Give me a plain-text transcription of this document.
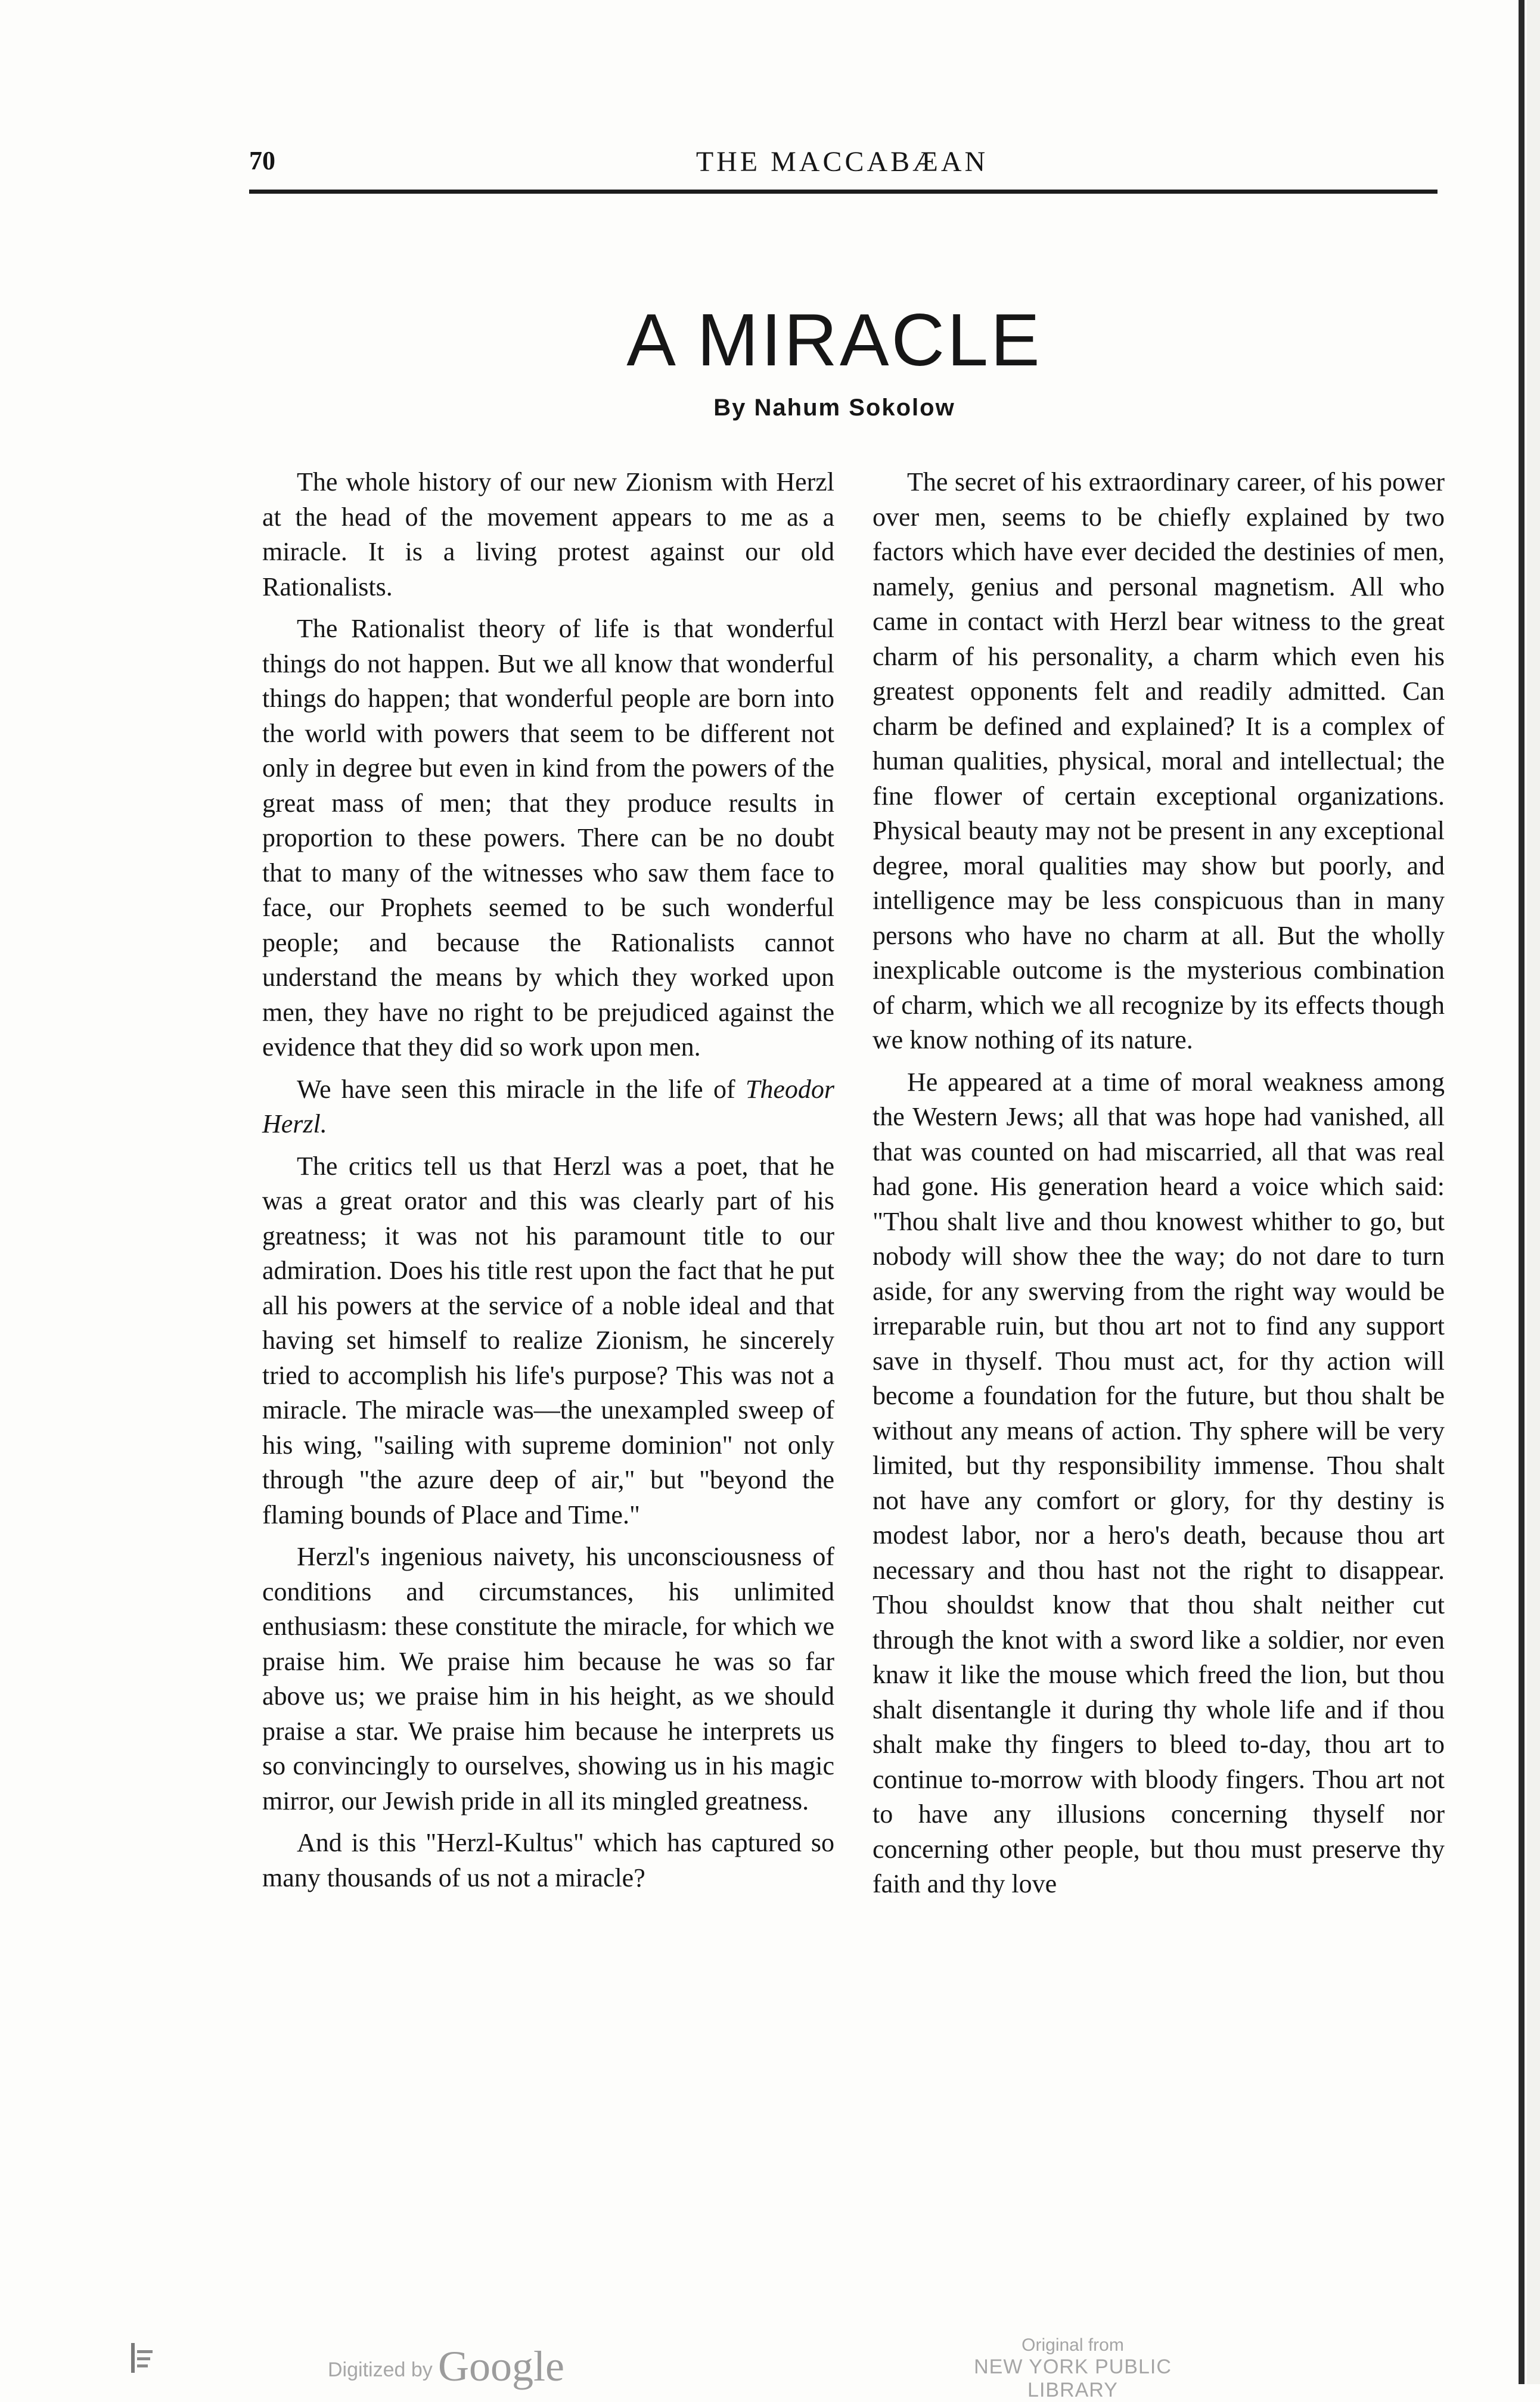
70	THE MACCABÆAN
A MIRACLE
By Nahum Sokolow

The whole history of our new Zionism with Herzl at the head of the movement appears to me as a miracle. It is a living protest against our old Rationalists.

The Rationalist theory of life is that wonderful things do not happen. But we all know that wonderful things do happen; that wonderful people are born into the world with powers that seem to be different not only in degree but even in kind from the powers of the great mass of men; that they produce results in proportion to these powers. There can be no doubt that to many of the witnesses who saw them face to face, our Prophets seemed to be such wonderful people; and because the Rationalists cannot understand the means by which they worked upon men, they have no right to be prejudiced against the evidence that they did so work upon men.

We have seen this miracle in the life of Theodor Herzl.

The critics tell us that Herzl was a poet, that he was a great orator and this was clearly part of his greatness; it was not his paramount title to our admiration. Does his title rest upon the fact that he put all his powers at the service of a noble ideal and that having set himself to realize Zionism, he sincerely tried to accomplish his life's purpose? This was not a miracle. The miracle was—the unexampled sweep of his wing, "sailing with supreme dominion" not only through "the azure deep of air," but "beyond the flaming bounds of Place and Time."

Herzl's ingenious naivety, his unconsciousness of conditions and circumstances, his unlimited enthusiasm: these constitute the miracle, for which we praise him. We praise him because he was so far above us; we praise him in his height, as we should praise a star. We praise him because he interprets us so convincingly to ourselves, showing us in his magic mirror, our Jewish pride in all its mingled greatness.

And is this "Herzl-Kultus" which has captured so many thousands of us not a miracle?

The secret of his extraordinary career, of his power over men, seems to be chiefly explained by two factors which have ever decided the destinies of men, namely, genius and personal magnetism. All who came in contact with Herzl bear witness to the great charm of his personality, a charm which even his greatest opponents felt and readily admitted. Can charm be defined and explained? It is a complex of human qualities, physical, moral and intellectual; the fine flower of certain exceptional organizations. Physical beauty may not be present in any exceptional degree, moral qualities may show but poorly, and intelligence may be less conspicuous than in many persons who have no charm at all. But the wholly inexplicable outcome is the mysterious combination of charm, which we all recognize by its effects though we know nothing of its nature.

He appeared at a time of moral weakness among the Western Jews; all that was hope had vanished, all that was counted on had miscarried, all that was real had gone. His generation heard a voice which said: "Thou shalt live and thou knowest whither to go, but nobody will show thee the way; do not dare to turn aside, for any swerving from the right way would be irreparable ruin, but thou art not to find any support save in thyself. Thou must act, for thy action will become a foundation for the future, but thou shalt be without any means of action. Thy sphere will be very limited, but thy responsibility immense. Thou shalt not have any comfort or glory, for thy destiny is modest labor, nor a hero's death, because thou art necessary and thou hast not the right to disappear. Thou shouldst know that thou shalt neither cut through the knot with a sword like a soldier, nor even knaw it like the mouse which freed the lion, but thou shalt disentangle it during thy whole life and if thou shalt make thy fingers to bleed to-day, thou art to continue to-morrow with bloody fingers. Thou art not to have any illusions concerning thyself nor concerning other people, but thou must preserve thy faith and thy love

Digitized by Google	Original from
NEW YORK PUBLIC LIBRARY
